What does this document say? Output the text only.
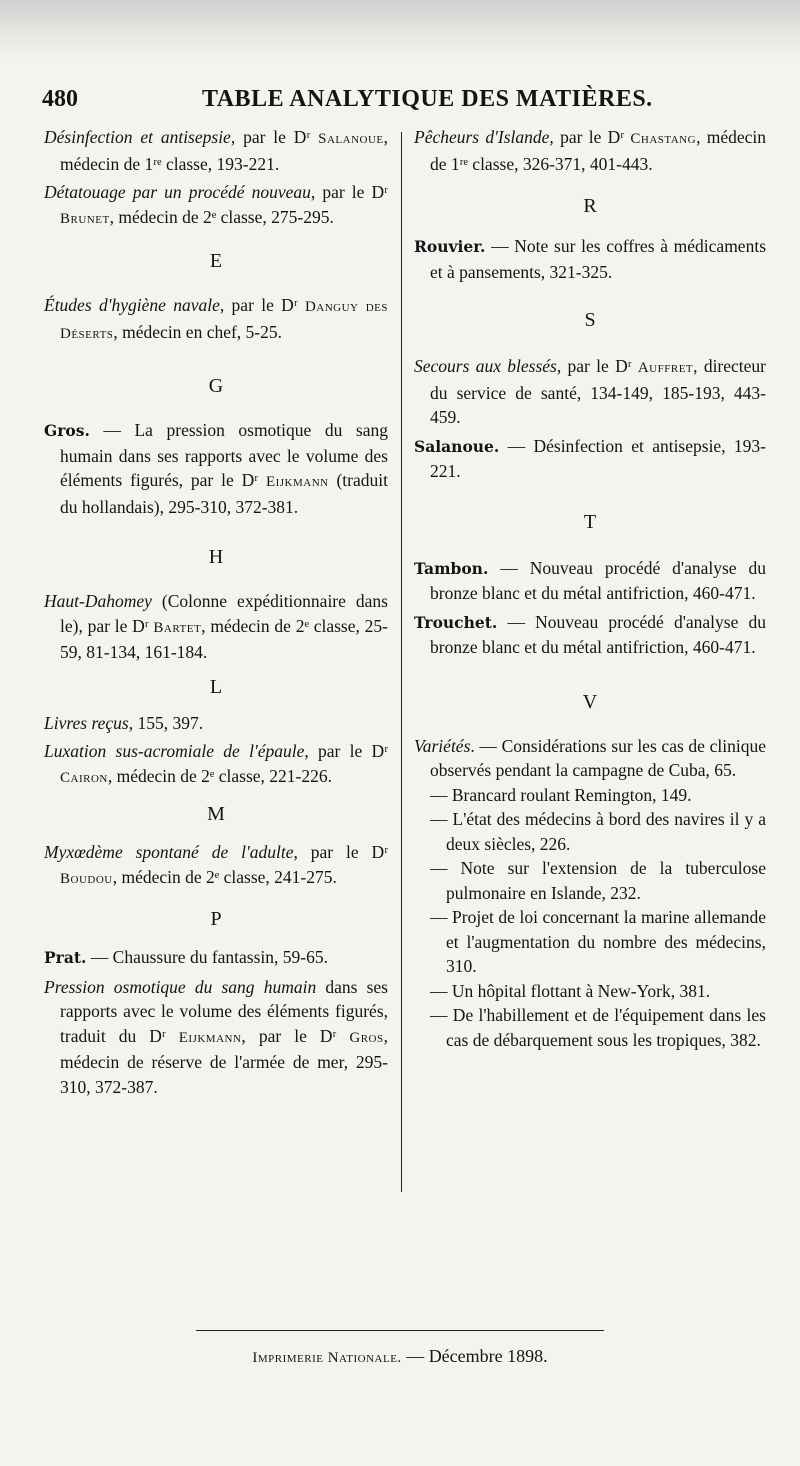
480	TABLE ANALYTIQUE DES MATIÈRES.

Désinfection et antisepsie, par le Dʳ Salanoue, médecin de 1ʳᵉ classe, 193-221.

Détatouage par un procédé nouveau, par le Dʳ Brunet, médecin de 2ᵉ classe, 275-295.

E

Études d'hygiène navale, par le Dʳ Danguy des Déserts, médecin en chef, 5-25.

G

Gros. — La pression osmotique du sang humain dans ses rapports avec le volume des éléments figurés, par le Dʳ Eijkmann (traduit du hollandais), 295-310, 372-381.

H

Haut-Dahomey (Colonne expéditionnaire dans le), par le Dʳ Bartet, médecin de 2ᵉ classe, 25-59, 81-134, 161-184.

L

Livres reçus, 155, 397.

Luxation sus-acromiale de l'épaule, par le Dʳ Cairon, médecin de 2ᵉ classe, 221-226.

M

Myxœdème spontané de l'adulte, par le Dʳ Boudou, médecin de 2ᵉ classe, 241-275.

P

Prat. — Chaussure du fantassin, 59-65.

Pression osmotique du sang humain dans ses rapports avec le volume des éléments figurés, traduit du Dʳ Eijkmann, par le Dʳ Gros, médecin de réserve de l'armée de mer, 295-310, 372-387.

Pêcheurs d'Islande, par le Dʳ Chastang, médecin de 1ʳᵉ classe, 326-371, 401-443.

R

Rouvier. — Note sur les coffres à médicaments et à pansements, 321-325.

S

Secours aux blessés, par le Dʳ Auffret, directeur du service de santé, 134-149, 185-193, 443-459.

Salanoue. — Désinfection et antisepsie, 193-221.

T

Tambon. — Nouveau procédé d'analyse du bronze blanc et du métal antifriction, 460-471.

Trouchet. — Nouveau procédé d'analyse du bronze blanc et du métal antifriction, 460-471.

V

Variétés. — Considérations sur les cas de clinique observés pendant la campagne de Cuba, 65.

— Brancard roulant Remington, 149.

— L'état des médecins à bord des navires il y a deux siècles, 226.

— Note sur l'extension de la tuberculose pulmonaire en Islande, 232.

— Projet de loi concernant la marine allemande et l'augmentation du nombre des médecins, 310.

— Un hôpital flottant à New-York, 381.

— De l'habillement et de l'équipement dans les cas de débarquement sous les tropiques, 382.

Imprimerie Nationale. — Décembre 1898.
